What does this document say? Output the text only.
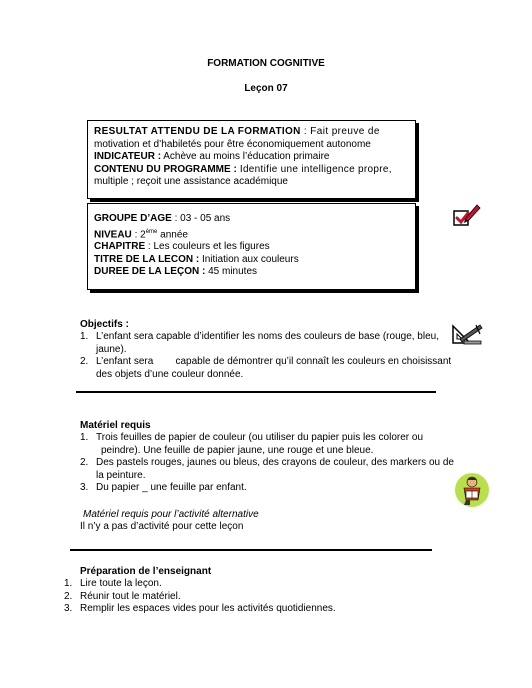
FORMATION COGNITIVE
Leçon 07
RESULTAT ATTENDU DE LA FORMATION : Fait preuve de
motivation et d’habiletés pour être économiquement autonome
INDICATEUR : Achève au moins l’éducation primaire
CONTENU DU PROGRAMME : Identifie une intelligence propre,
multiple ; reçoit une assistance académique
GROUPE D’AGE : 03 - 05 ans
NIVEAU : 2ème année
CHAPITRE : Les couleurs et les figures
TITRE DE LA LECON : Initiation aux couleurs
DUREE DE LA LEÇON : 45 minutes
Objectifs :
1. L’enfant sera capable d’identifier les noms des couleurs de base (rouge, bleu,
jaune).
2. L’enfant sera        capable de démontrer qu’il connaît les couleurs en choisissant
des objets d’une couleur donnée.
Matériel requis
1. Trois feuilles de papier de couleur (ou utiliser du papier puis les colorer ou
peindre). Une feuille de papier jaune, une rouge et une bleue.
2. Des pastels rouges, jaunes ou bleus, des crayons de couleur, des markers ou de
la peinture.
3. Du papier _ une feuille par enfant.
Matériel requis pour l’activité alternative
Il n’y a pas d’activité pour cette leçon
Préparation de l’enseignant
1. Lire toute la leçon.
2. Réunir tout le matériel.
3. Remplir les espaces vides pour les activités quotidiennes.
